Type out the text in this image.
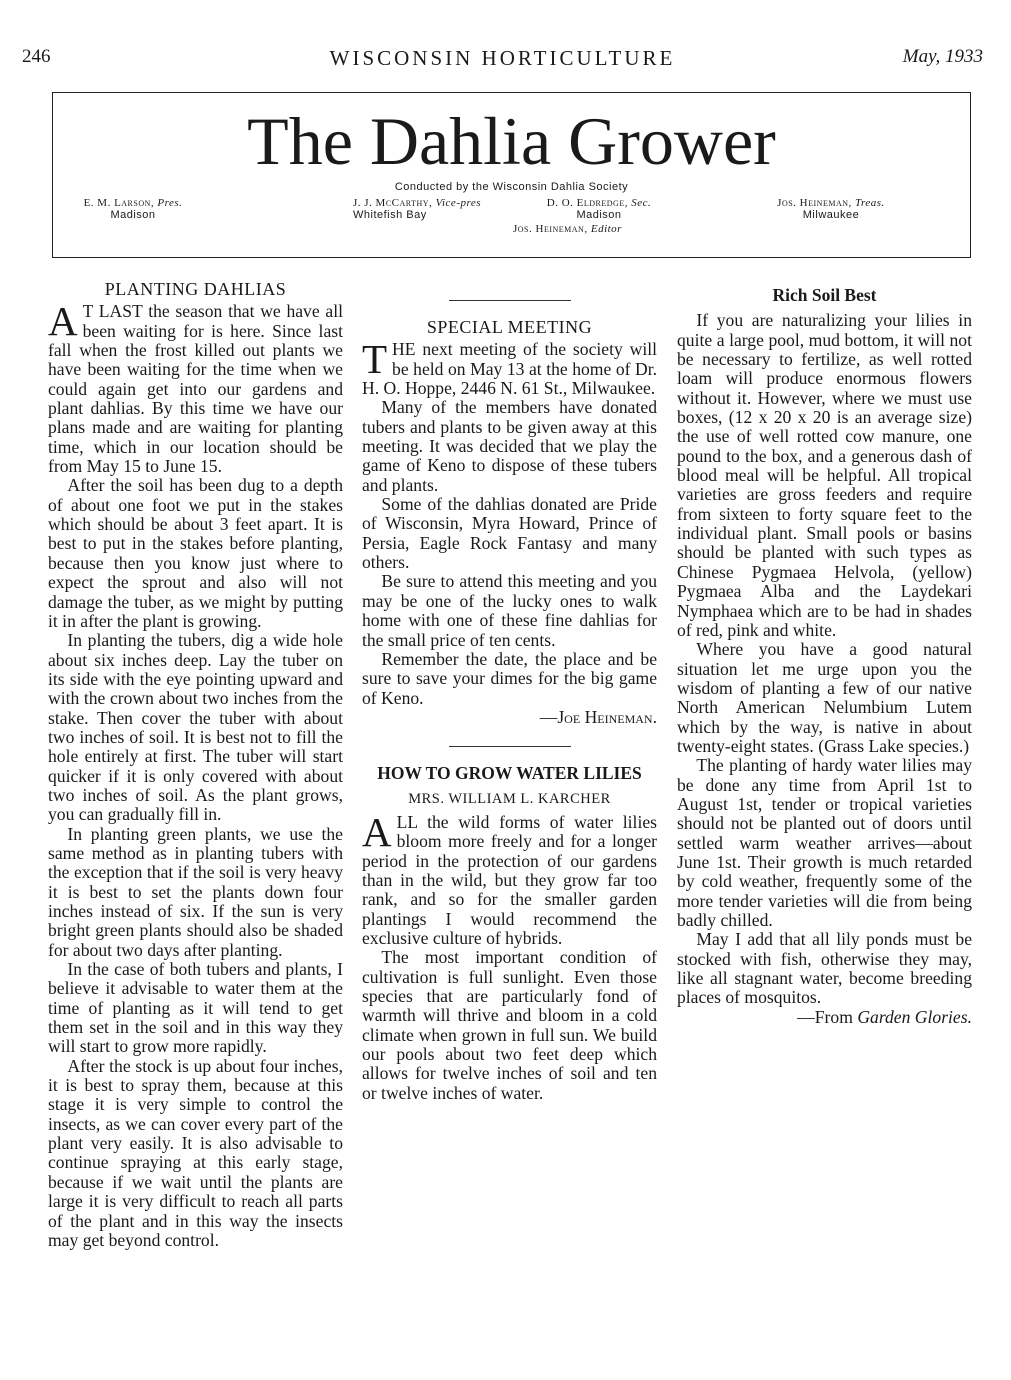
246	WISCONSIN HORTICULTURE	May, 1933
The Dahlia Grower
Conducted by the Wisconsin Dahlia Society
E. M. Larson, Pres.
Madison
J. J. McCarthy, Vice-pres
Whitefish Bay
D. O. Eldredge, Sec.
Madison
Jos. Heineman, Treas.
Milwaukee
Jos. Heineman, Editor
PLANTING DAHLIAS

A T LAST the season that we have all been waiting for is here. Since last fall when the frost killed out plants we have been waiting for the time when we could again get into our gardens and plant dahlias. By this time we have our plans made and are waiting for planting time, which in our location should be from May 15 to June 15.

After the soil has been dug to a depth of about one foot we put in the stakes which should be about 3 feet apart. It is best to put in the stakes before planting, because then you know just where to expect the sprout and also will not damage the tuber, as we might by putting it in after the plant is growing.

In planting the tubers, dig a wide hole about six inches deep. Lay the tuber on its side with the eye pointing upward and with the crown about two inches from the stake. Then cover the tuber with about two inches of soil. It is best not to fill the hole entirely at first. The tuber will start quicker if it is only covered with about two inches of soil. As the plant grows, you can gradually fill in.

In planting green plants, we use the same method as in planting tubers with the exception that if the soil is very heavy it is best to set the plants down four inches instead of six. If the sun is very bright green plants should also be shaded for about two days after planting.

In the case of both tubers and plants, I believe it advisable to water them at the time of planting as it will tend to get them set in the soil and in this way they will start to grow more rapidly.

After the stock is up about four inches, it is best to spray them, because at this stage it is very simple to control the insects, as we can cover every part of the plant very easily. It is also advisable to continue spraying at this early stage, because if we wait until the plants are large it is very difficult to reach all parts of the plant and in this way the insects may get beyond control.

SPECIAL MEETING

THE next meeting of the society will be held on May 13 at the home of Dr. H. O. Hoppe, 2446 N. 61 St., Milwaukee.

Many of the members have donated tubers and plants to be given away at this meeting. It was decided that we play the game of Keno to dispose of these tubers and plants.

Some of the dahlias donated are Pride of Wisconsin, Myra Howard, Prince of Persia, Eagle Rock Fantasy and many others.

Be sure to attend this meeting and you may be one of the lucky ones to walk home with one of these fine dahlias for the small price of ten cents.

Remember the date, the place and be sure to save your dimes for the big game of Keno.

—Joe Heineman.

HOW TO GROW WATER LILIES
MRS. WILLIAM L. KARCHER

ALL the wild forms of water lilies bloom more freely and for a longer period in the protection of our gardens than in the wild, but they grow far too rank, and so for the smaller garden plantings I would recommend the exclusive culture of hybrids.

The most important condition of cultivation is full sunlight. Even those species that are particularly fond of warmth will thrive and bloom in a cold climate when grown in full sun. We build our pools about two feet deep which allows for twelve inches of soil and ten or twelve inches of water.

Rich Soil Best

If you are naturalizing your lilies in quite a large pool, mud bottom, it will not be necessary to fertilize, as well rotted loam will produce enormous flowers without it. However, where we must use boxes, (12 x 20 x 20 is an average size) the use of well rotted cow manure, one pound to the box, and a generous dash of blood meal will be helpful. All tropical varieties are gross feeders and require from sixteen to forty square feet to the individual plant. Small pools or basins should be planted with such types as Chinese Pygmaea Helvola, (yellow) Pygmaea Alba and the Laydekari Nymphaea which are to be had in shades of red, pink and white.

Where you have a good natural situation let me urge upon you the wisdom of planting a few of our native North American Nelumbium Lutem which by the way, is native in about twenty-eight states. (Grass Lake species.)

The planting of hardy water lilies may be done any time from April 1st to August 1st, tender or tropical varieties should not be planted out of doors until settled warm weather arrives—about June 1st. Their growth is much retarded by cold weather, frequently some of the more tender varieties will die from being badly chilled.

May I add that all lily ponds must be stocked with fish, otherwise they may, like all stagnant water, become breeding places of mosquitos.

—From Garden Glories.
